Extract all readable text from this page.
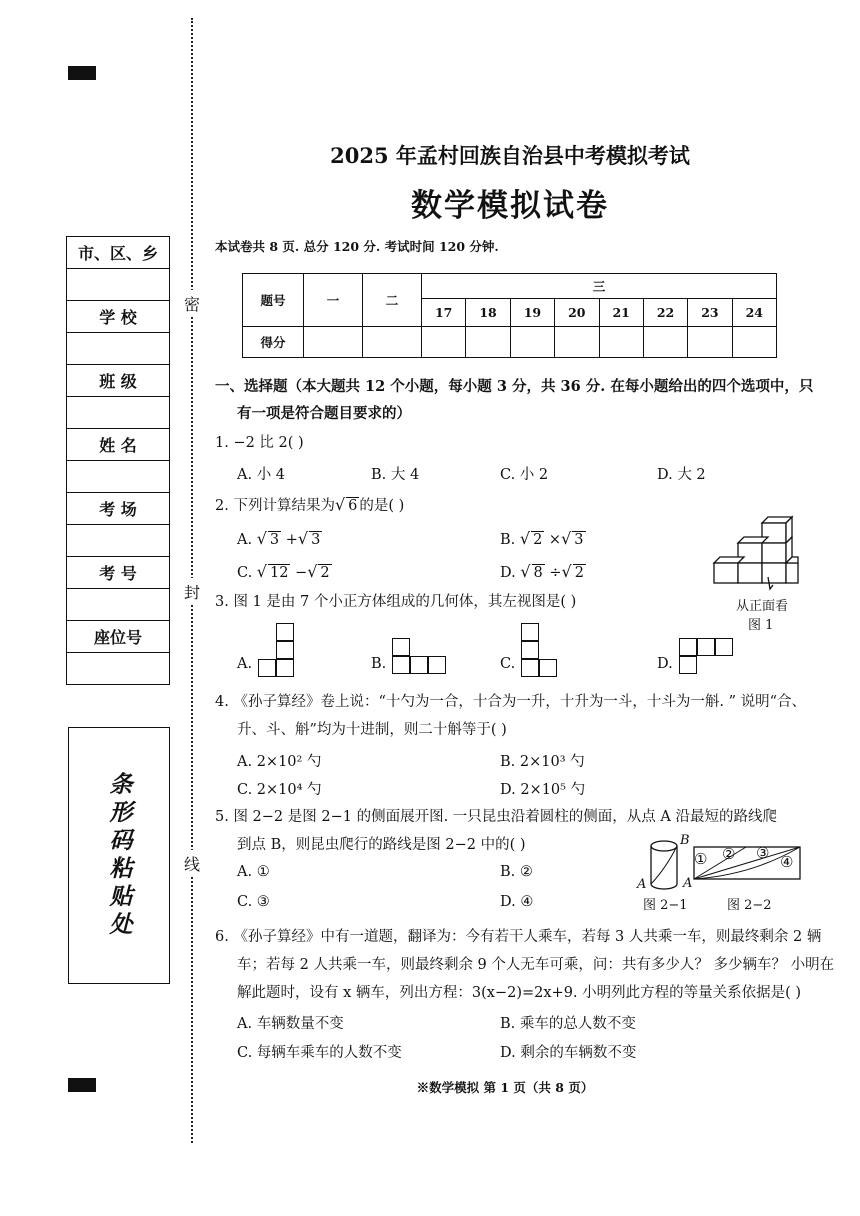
密
封
线
市、区、乡

学 校

班 级

姓 名

考 场

考 号

座位号

条形码粘贴处
2025 年孟村回族自治县中考模拟考试
数学模拟试卷
本试卷共 8 页. 总分 120 分. 考试时间 120 分钟.
题号	一	二	三							
			17	18	19	20	21	22	23	24
得分										
一、选择题（本大题共 12 个小题，每小题 3 分，共 36 分. 在每小题给出的四个选项中，只
有一项是符合题目要求的）
1. −2 比 2( )
A. 小 4	B. 大 4	C. 小 2	D. 大 2
2. 下列计算结果为√ 6 的是( )
A. √ 3 +√ 3	B. √ 2 ×√ 3
C. √ 12 −√ 2	D. √ 8 ÷√ 2
从正面看
图 1
3. 图 1 是由 7 个小正方体组成的几何体，其左视图是( )
A.	B.	C.	D.
4. 《孙子算经》卷上说：“十勺为一合，十合为一升，十升为一斗，十斗为一斛. ” 说明“合、
升、斗、斛”均为十进制，则二十斛等于( )
A. 2×10² 勺	B. 2×10³ 勺
C. 2×10⁴ 勺	D. 2×10⁵ 勺
5. 图 2−2 是图 2−1 的侧面展开图. 一只昆虫沿着圆柱的侧面，从点 A 沿最短的路线爬
到点 B，则昆虫爬行的路线是图 2−2 中的( )
A. ①	B. ②
C. ③	D. ④
B
A
① ② ③ ④
A
图 2−1	图 2−2
6. 《孙子算经》中有一道题，翻译为：今有若干人乘车，若每 3 人共乘一车，则最终剩余 2 辆
车；若每 2 人共乘一车，则最终剩余 9 个人无车可乘，问：共有多少人？ 多少辆车？ 小明在
解此题时，设有 x 辆车，列出方程：3(x−2)=2x+9. 小明列此方程的等量关系依据是( )
A. 车辆数量不变	B. 乘车的总人数不变
C. 每辆车乘车的人数不变	D. 剩余的车辆数不变
※数学模拟 第 1 页（共 8 页）
